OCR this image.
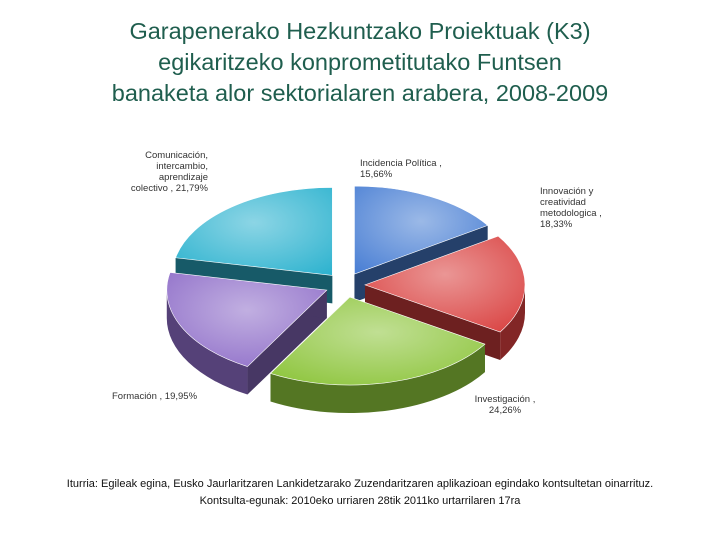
Garapenerako Hezkuntzako Proiektuak (K3)
egikaritzeko konprometitutako Funtsen
banaketa alor sektorialaren arabera, 2008-2009
Incidencia Política , 15,66%
Innovación y creatividad metodologica , 18,33%
Investigación , 24,26%
Formación , 19,95%
Comunicación, intercambio, aprendizaje colectivo , 21,79%
Iturria: Egileak egina, Eusko Jaurlaritzaren Lankidetzarako Zuzendaritzaren aplikazioan egindako kontsultetan oinarrituz.
Kontsulta-egunak: 2010eko urriaren 28tik 2011ko urtarrilaren 17ra
